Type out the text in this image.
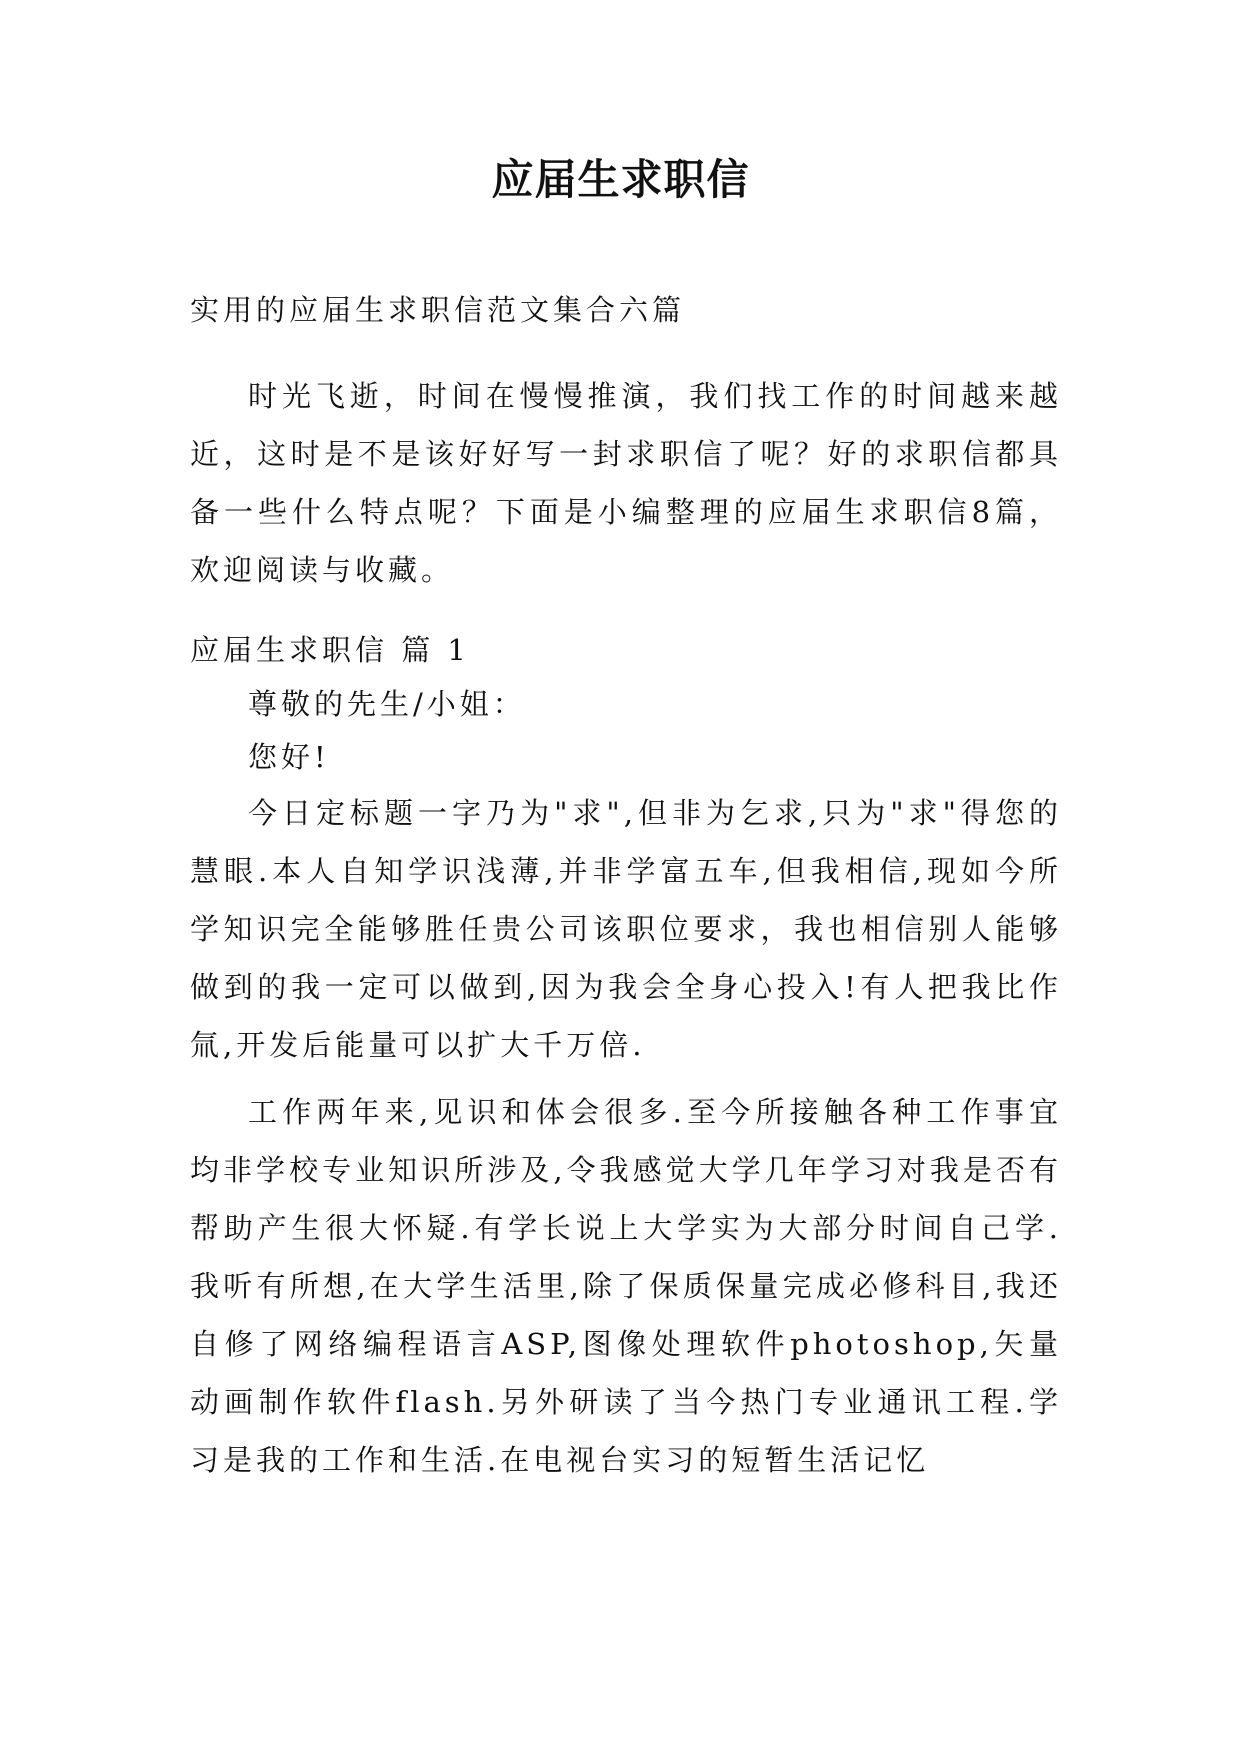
应届生求职信
实用的应届生求职信范文集合六篇

时光飞逝，时间在慢慢推演，我们找工作的时间越来越近，这时是不是该好好写一封求职信了呢？好的求职信都具备一些什么特点呢？下面是小编整理的应届生求职信8篇，欢迎阅读与收藏。

应届生求职信 篇 1
尊敬的先生/小姐：
您好!

今日定标题一字乃为"求",但非为乞求,只为"求"得您的慧眼.本人自知学识浅薄,并非学富五车,但我相信,现如今所学知识完全能够胜任贵公司该职位要求，我也相信别人能够做到的我一定可以做到,因为我会全身心投入!有人把我比作氚,开发后能量可以扩大千万倍.

工作两年来,见识和体会很多.至今所接触各种工作事宜均非学校专业知识所涉及,令我感觉大学几年学习对我是否有帮助产生很大怀疑.有学长说上大学实为大部分时间自己学.我听有所想,在大学生活里,除了保质保量完成必修科目,我还自修了网络编程语言ASP,图像处理软件photoshop,矢量动画制作软件flash.另外研读了当今热门专业通讯工程.学习是我的工作和生活.在电视台实习的短暂生活记忆
